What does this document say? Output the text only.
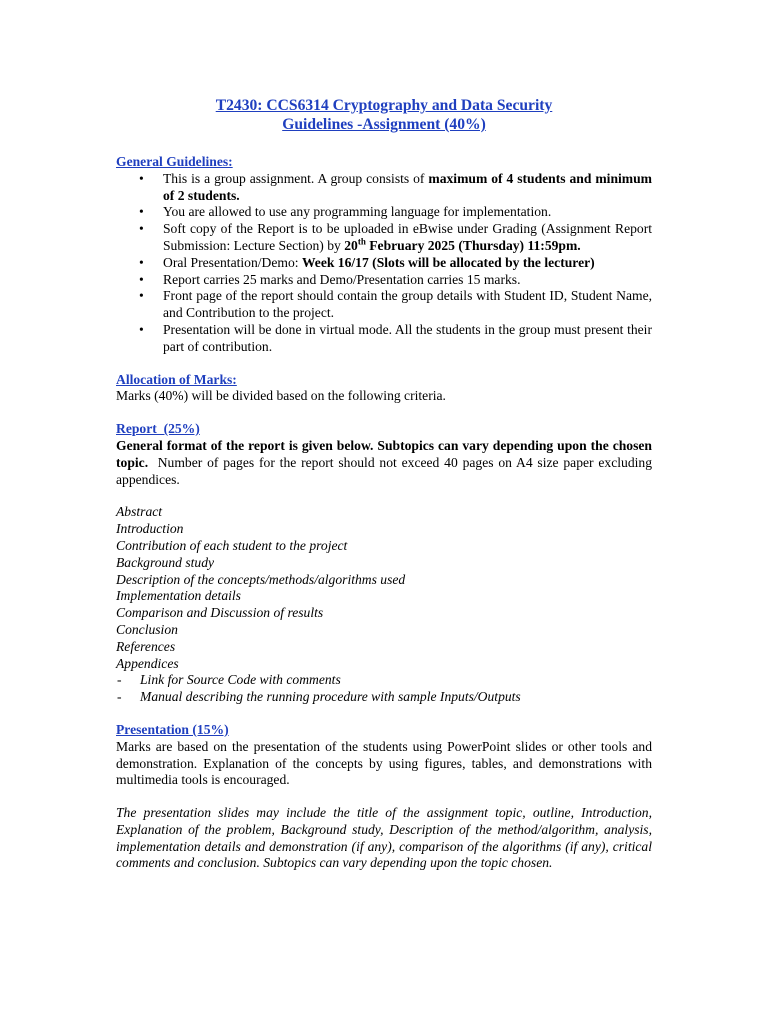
T2430: CCS6314 Cryptography and Data Security
Guidelines -Assignment (40%)
General Guidelines:
• This is a group assignment. A group consists of maximum of 4 students and minimum of 2 students.
• You are allowed to use any programming language for implementation.
• Soft copy of the Report is to be uploaded in eBwise under Grading (Assignment Report Submission: Lecture Section) by 20th February 2025 (Thursday) 11:59pm.
• Oral Presentation/Demo: Week 16/17 (Slots will be allocated by the lecturer)
• Report carries 25 marks and Demo/Presentation carries 15 marks.
• Front page of the report should contain the group details with Student ID, Student Name, and Contribution to the project.
• Presentation will be done in virtual mode. All the students in the group must present their part of contribution.
Allocation of Marks:

Marks (40%) will be divided based on the following criteria.

Report  (25%)

General format of the report is given below. Subtopics can vary depending upon the chosen topic.  Number of pages for the report should not exceed 40 pages on A4 size paper excluding appendices.

Abstract

Introduction

Contribution of each student to the project

Background study

Description of the concepts/methods/algorithms used

Implementation details

Comparison and Discussion of results

Conclusion

References

Appendices

- Link for Source Code with comments
- Manual describing the running procedure with sample Inputs/Outputs
Presentation (15%)

Marks are based on the presentation of the students using PowerPoint slides or other tools and demonstration. Explanation of the concepts by using figures, tables, and demonstrations with multimedia tools is encouraged.

The presentation slides may include the title of the assignment topic, outline, Introduction, Explanation of the problem, Background study, Description of the method/algorithm, analysis, implementation details and demonstration (if any), comparison of the algorithms (if any), critical comments and conclusion. Subtopics can vary depending upon the topic chosen.
